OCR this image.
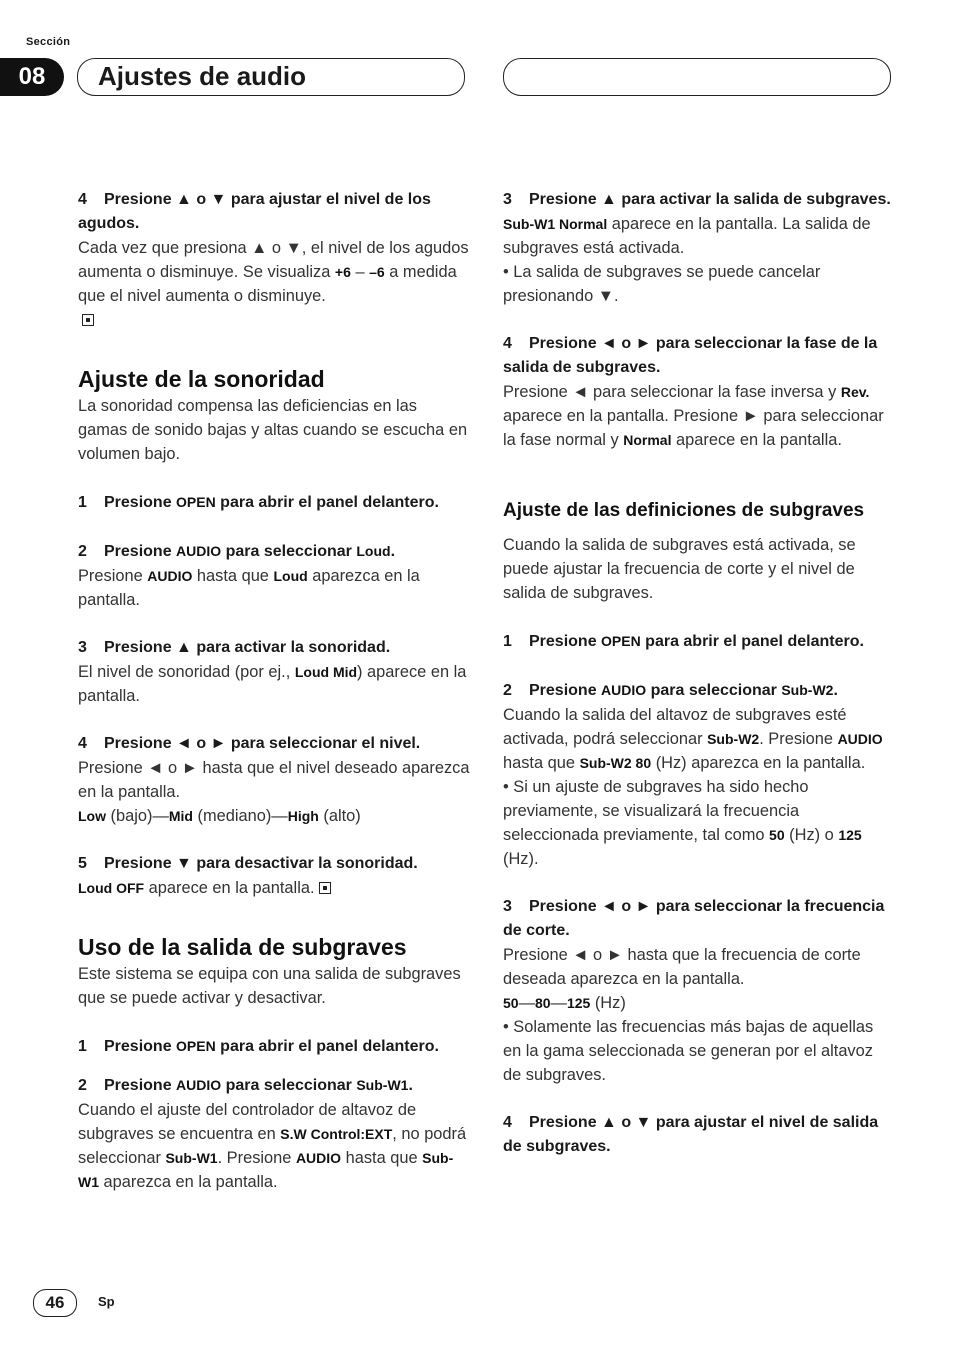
Sección
08	Ajustes de audio

4 Presione ▲ o ▼ para ajustar el nivel de los agudos.

Cada vez que presiona ▲ o ▼, el nivel de los agudos aumenta o disminuye. Se visualiza +6 – –6 a medida que el nivel aumenta o disminuye.

Ajuste de la sonoridad

La sonoridad compensa las deficiencias en las gamas de sonido bajas y altas cuando se escucha en volumen bajo.

1 Presione OPEN para abrir el panel delantero.

2 Presione AUDIO para seleccionar Loud.

Presione AUDIO hasta que Loud aparezca en la pantalla.

3 Presione ▲ para activar la sonoridad.

El nivel de sonoridad (por ej., Loud Mid) aparece en la pantalla.

4 Presione ◄ o ► para seleccionar el nivel.

Presione ◄ o ► hasta que el nivel deseado aparezca en la pantalla.
Low (bajo)—Mid (mediano)—High (alto)

5 Presione ▼ para desactivar la sonoridad.

Loud OFF aparece en la pantalla.

Uso de la salida de subgraves

Este sistema se equipa con una salida de subgraves que se puede activar y desactivar.

1 Presione OPEN para abrir el panel delantero.

2 Presione AUDIO para seleccionar Sub-W1.

Cuando el ajuste del controlador de altavoz de subgraves se encuentra en S.W Control:EXT, no podrá seleccionar Sub-W1. Presione AUDIO hasta que Sub-W1 aparezca en la pantalla.

3 Presione ▲ para activar la salida de subgraves.

Sub-W1 Normal aparece en la pantalla. La salida de subgraves está activada.

• La salida de subgraves se puede cancelar presionando ▼.

4 Presione ◄ o ► para seleccionar la fase de la salida de subgraves.

Presione ◄ para seleccionar la fase inversa y Rev. aparece en la pantalla. Presione ► para seleccionar la fase normal y Normal aparece en la pantalla.

Ajuste de las definiciones de subgraves

Cuando la salida de subgraves está activada, se puede ajustar la frecuencia de corte y el nivel de salida de subgraves.

1 Presione OPEN para abrir el panel delantero.

2 Presione AUDIO para seleccionar Sub-W2.

Cuando la salida del altavoz de subgraves esté activada, podrá seleccionar Sub-W2. Presione AUDIO hasta que Sub-W2 80 (Hz) aparezca en la pantalla.

• Si un ajuste de subgraves ha sido hecho previamente, se visualizará la frecuencia seleccionada previamente, tal como 50 (Hz) o 125 (Hz).

3 Presione ◄ o ► para seleccionar la frecuencia de corte.

Presione ◄ o ► hasta que la frecuencia de corte deseada aparezca en la pantalla.
50—80—125 (Hz)

• Solamente las frecuencias más bajas de aquellas en la gama seleccionada se generan por el altavoz de subgraves.

4 Presione ▲ o ▼ para ajustar el nivel de salida de subgraves.

46	Sp
